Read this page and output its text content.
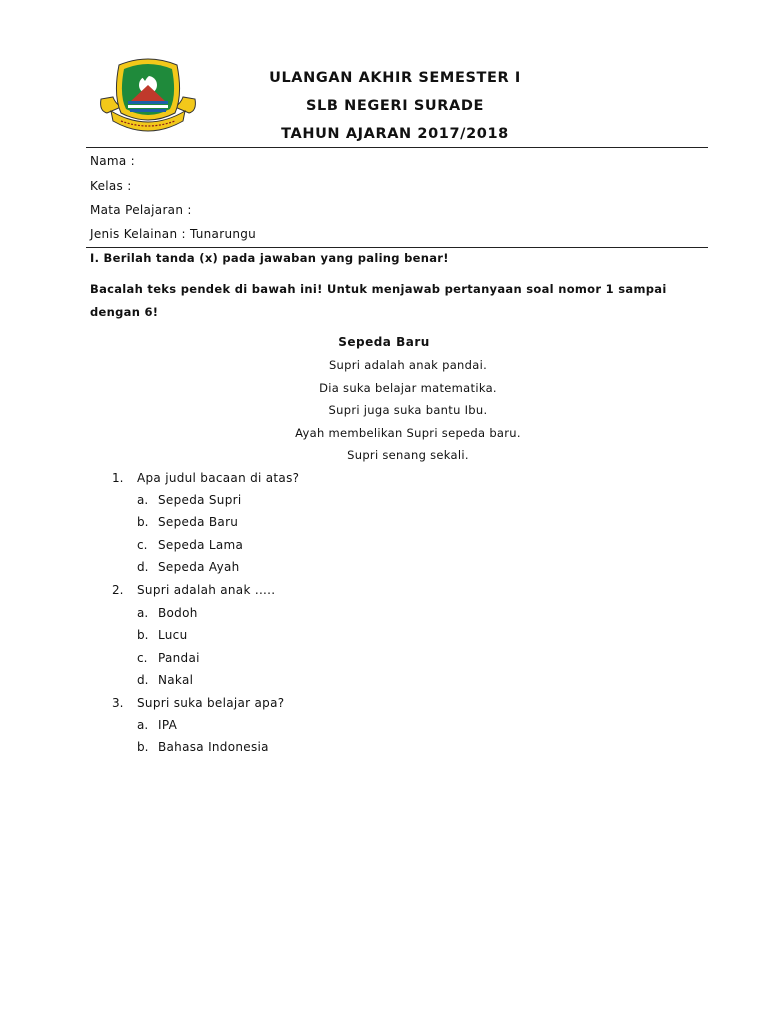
ULANGAN AKHIR SEMESTER I
SLB NEGERI SURADE
TAHUN AJARAN 2017/2018
Nama :
Kelas :
Mata Pelajaran :
Jenis Kelainan : Tunarungu
I. Berilah tanda (x) pada jawaban yang paling benar!
Bacalah teks pendek di bawah ini! Untuk menjawab pertanyaan soal nomor 1 sampai
dengan 6!
Sepeda Baru
Supri adalah anak pandai.
Dia suka belajar matematika.
Supri juga suka bantu Ibu.
Ayah membelikan Supri sepeda baru.
Supri senang sekali.
1. Apa judul bacaan di atas?
a. Sepeda Supri
b. Sepeda Baru
c. Sepeda Lama
d. Sepeda Ayah
2. Supri adalah anak .....
a. Bodoh
b. Lucu
c. Pandai
d. Nakal
3. Supri suka belajar apa?
a. IPA
b. Bahasa Indonesia
